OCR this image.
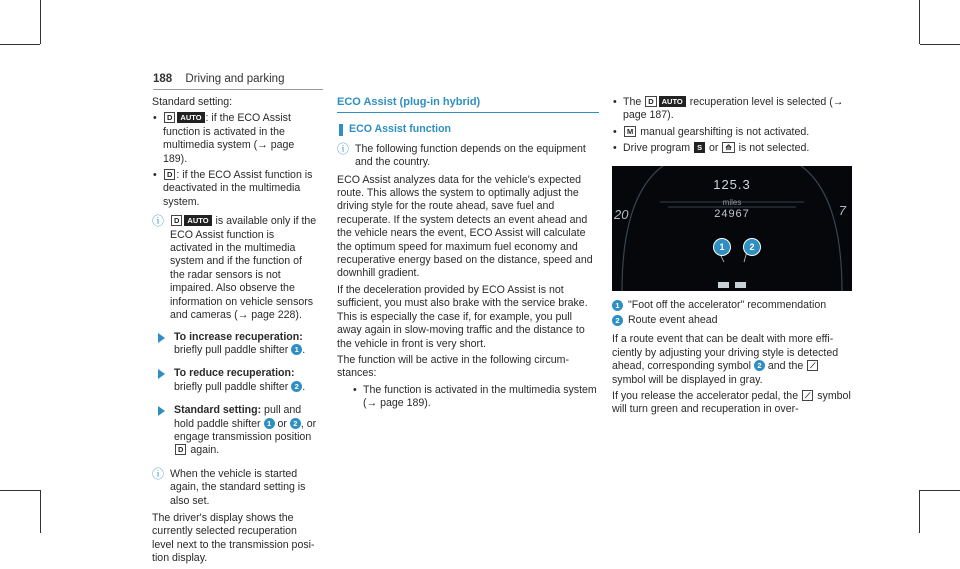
188 Driving and parking

Standard setting:

• D AUTO : if the ECO Assist function is activated in the multimedia system (→ page 189).
• D : if the ECO Assist function is deactivated in the multimedia system.
ⓘ D AUTO is available only if the ECO Assist function is activated in the multimedia system and if the function of the radar sensors is not impaired. Also observe the information on vehicle sensors and cameras (→ page 228).
To increase recuperation: briefly pull paddle shifter 1 .
To reduce recuperation: briefly pull paddle shifter 2 .
Standard setting: pull and hold paddle shifter 1 or 2 , or engage transmission position D again.
ⓘ When the vehicle is started again, the standard setting is also set.

The driver's display shows the currently selected recuperation level next to the transmission position display.

ECO Assist (plug-in hybrid)
ECO Assist function
ⓘ The following function depends on the equipment and the country.

ECO Assist analyzes data for the vehicle's expected route. This allows the system to optimally adjust the driving style for the route ahead, save fuel and recuperate. If the system detects an event ahead and the vehicle nears the event, ECO Assist will calculate the optimum speed for maximum fuel economy and recuperative energy based on the distance, speed and downhill gradient.

If the deceleration provided by ECO Assist is not sufficient, you must also brake with the service brake. This is especially the case if, for example, you pull away again in slow-moving traffic and the distance to the vehicle in front is very short.

The function will be active in the following circumstances:

• The function is activated in the multimedia system (→ page 189).
• The D AUTO recuperation level is selected (→ page 187).
• M manual gearshifting is not activated.
• Drive program S or ⟰ is not selected.
125.3
miles
24967
20	7
1	2
1 "Foot off the accelerator" recommendation
2 Route event ahead

If a route event that can be dealt with more efficiently by adjusting your driving style is detected ahead, corresponding symbol 2 and the ⟋ symbol will be displayed in gray.

If you release the accelerator pedal, the ⟋ symbol will turn green and recuperation in over-
